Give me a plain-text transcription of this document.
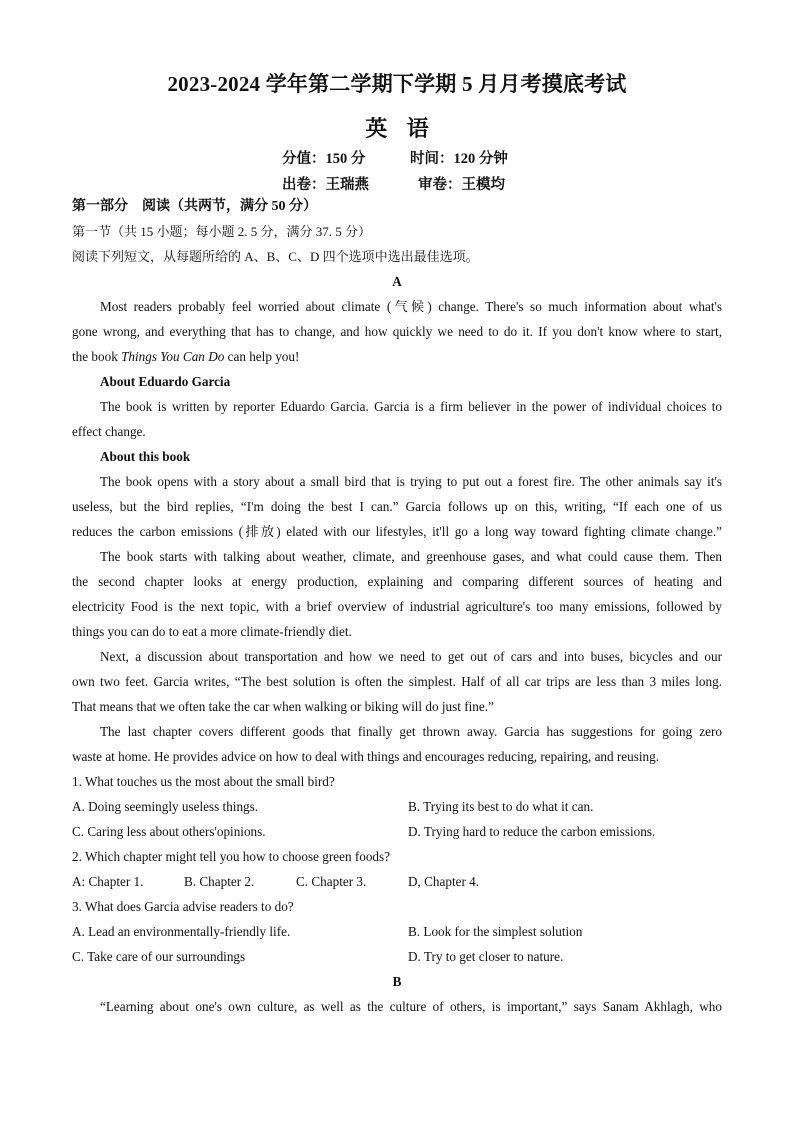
2023-2024 学年第二学期下学期 5 月月考摸底考试
英 语
分值：150 分	时间：120 分钟
出卷：王瑞燕	审卷：王模均
第一部分　阅读（共两节，满分 50 分）
第一节（共 15 小题；每小题 2. 5 分，满分 37. 5 分）
阅读下列短文，从每题所给的 A、B、C、D 四个选项中选出最佳选项。
A
Most readers probably feel worried about climate (气候) change. There's so much information about what's
gone wrong, and everything that has to change, and how quickly we need to do it. If you don't know where to start,
the book Things You Can Do can help you!
About Eduardo Garcia
The book is written by reporter Eduardo Garcia. Garcia is a firm believer in the power of individual choices to
effect change.
About this book
The book opens with a story about a small bird that is trying to put out a forest fire. The other animals say it's
useless, but the bird replies, “I'm doing the best I can.” Garcia follows up on this, writing, “If each one of us
reduces the carbon emissions (排放) elated with our lifestyles, it'll go a long way toward fighting climate change.”
The book starts with talking about weather, climate, and greenhouse gases, and what could cause them. Then
the second chapter looks at energy production, explaining and comparing different sources of heating and
electricity Food is the next topic, with a brief overview of industrial agriculture's too many emissions, followed by
things you can do to eat a more climate-friendly diet.
Next, a discussion about transportation and how we need to get out of cars and into buses, bicycles and our
own two feet. Garcia writes, “The best solution is often the simplest. Half of all car trips are less than 3 miles long.
That means that we often take the car when walking or biking will do just fine.”
The last chapter covers different goods that finally get thrown away. Garcia has suggestions for going zero
waste at home. He provides advice on how to deal with things and encourages reducing, repairing, and reusing.
1. What touches us the most about the small bird?
A. Doing seemingly useless things.	B. Trying its best to do what it can.
C. Caring less about others'opinions.	D. Trying hard to reduce the carbon emissions.
2. Which chapter might tell you how to choose green foods?
A: Chapter 1.	B. Chapter 2.	C. Chapter 3.	D, Chapter 4.
3. What does Garcia advise readers to do?
A. Lead an environmentally-friendly life.	B. Look for the simplest solution
C. Take care of our surroundings	D. Try to get closer to nature.
B
“Learning about one's own culture, as well as the culture of others, is important,” says Sanam Akhlagh, who
